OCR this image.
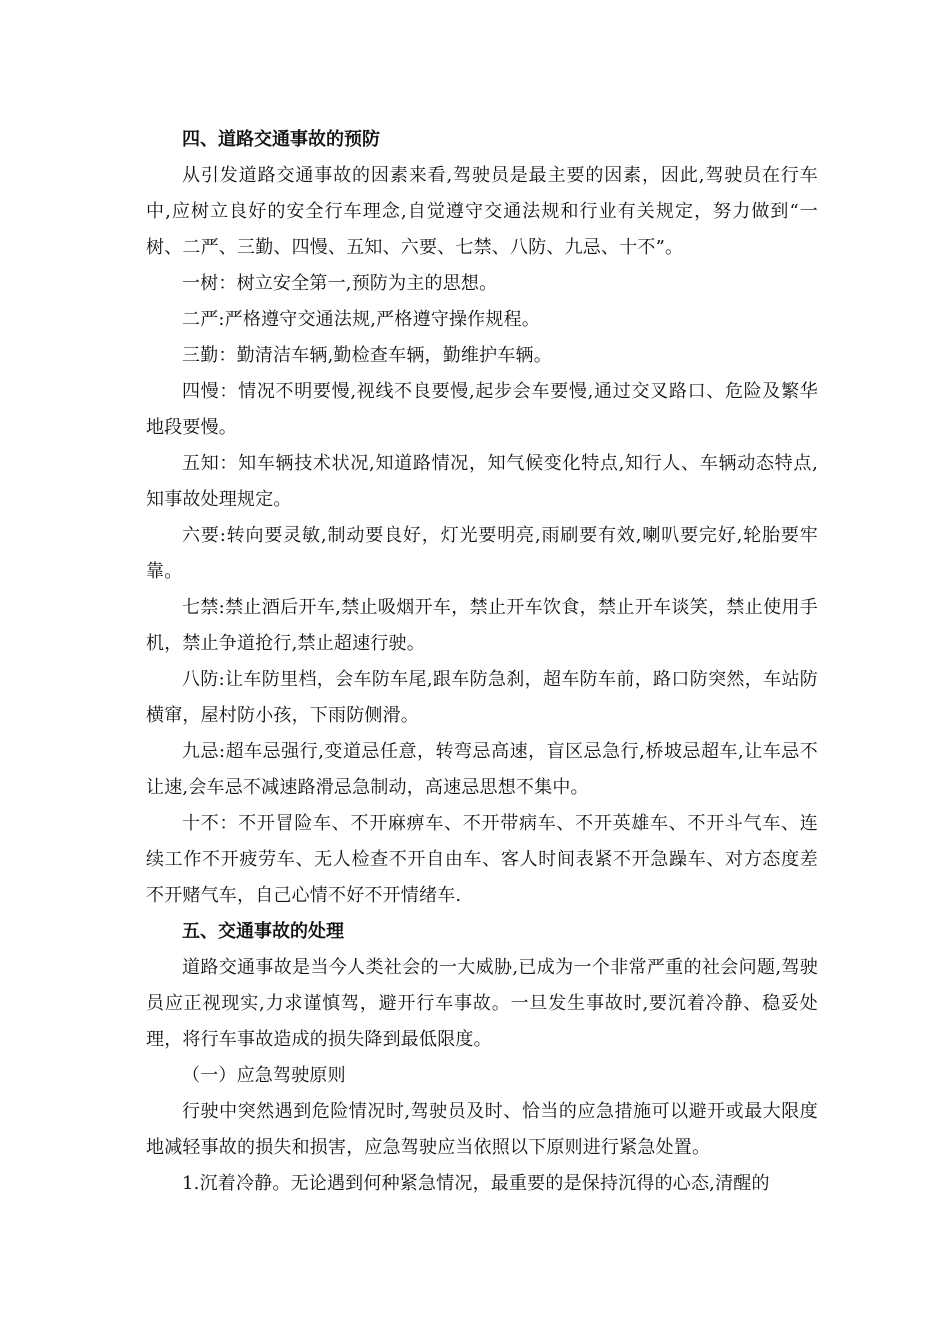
四、道路交通事故的预防

从引发道路交通事故的因素来看,驾驶员是最主要的因素，因此,驾驶员在行车中,应树立良好的安全行车理念,自觉遵守交通法规和行业有关规定，努力做到“一树、二严、三勤、四慢、五知、六要、七禁、八防、九忌、十不”。

一树：树立安全第一,预防为主的思想。

二严:严格遵守交通法规,严格遵守操作规程。

三勤：勤清洁车辆,勤检查车辆，勤维护车辆。

四慢：情况不明要慢,视线不良要慢,起步会车要慢,通过交叉路口、危险及繁华地段要慢。

五知：知车辆技术状况,知道路情况，知气候变化特点,知行人、车辆动态特点,知事故处理规定。

六要:转向要灵敏,制动要良好，灯光要明亮,雨刷要有效,喇叭要完好,轮胎要牢靠。

七禁:禁止酒后开车,禁止吸烟开车，禁止开车饮食，禁止开车谈笑，禁止使用手机，禁止争道抢行,禁止超速行驶。

八防:让车防里档，会车防车尾,跟车防急刹，超车防车前，路口防突然，车站防横窜，屋村防小孩，下雨防侧滑。

九忌:超车忌强行,变道忌任意，转弯忌高速，盲区忌急行,桥坡忌超车,让车忌不让速,会车忌不减速路滑忌急制动，高速忌思想不集中。

十不：不开冒险车、不开麻痹车、不开带病车、不开英雄车、不开斗气车、连续工作不开疲劳车、无人检查不开自由车、客人时间表紧不开急躁车、对方态度差不开赌气车，自己心情不好不开情绪车.

五、交通事故的处理

道路交通事故是当今人类社会的一大威胁,已成为一个非常严重的社会问题,驾驶员应正视现实,力求谨慎驾，避开行车事故。一旦发生事故时,要沉着冷静、稳妥处理，将行车事故造成的损失降到最低限度。

（一）应急驾驶原则

行驶中突然遇到危险情况时,驾驶员及时、恰当的应急措施可以避开或最大限度地减轻事故的损失和损害，应急驾驶应当依照以下原则进行紧急处置。

1.沉着冷静。无论遇到何种紧急情况，最重要的是保持沉得的心态,清醒的
